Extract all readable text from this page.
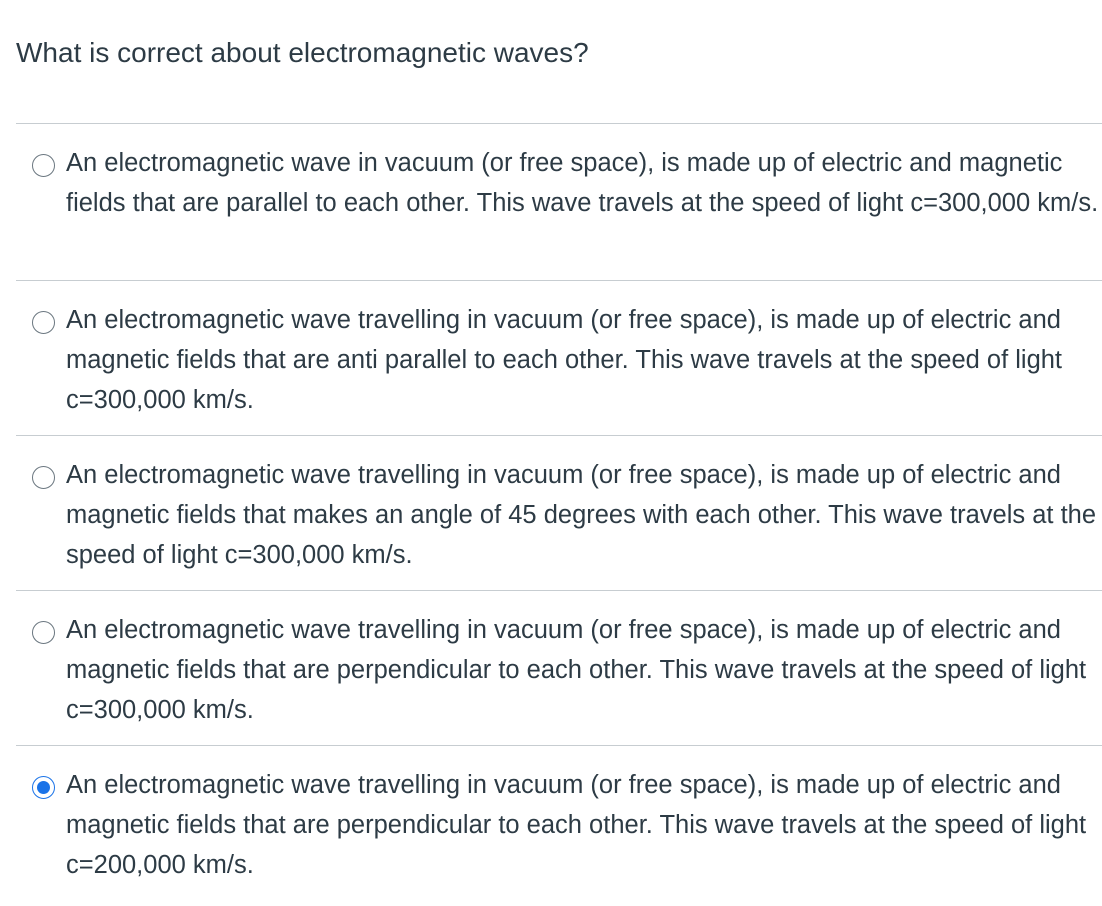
What is correct about electromagnetic waves?
An electromagnetic wave in vacuum (or free space), is made up of electric and magnetic fields that are parallel to each other. This wave travels at the speed of light c=300,000 km/s.
An electromagnetic wave travelling in vacuum (or free space), is made up of electric and magnetic fields that are anti parallel to each other. This wave travels at the speed of light c=300,000 km/s.
An electromagnetic wave travelling in vacuum (or free space), is made up of electric and magnetic fields that makes an angle of 45 degrees with each other. This wave travels at the speed of light c=300,000 km/s.
An electromagnetic wave travelling in vacuum (or free space), is made up of electric and magnetic fields that are perpendicular to each other. This wave travels at the speed of light c=300,000 km/s.
An electromagnetic wave travelling in vacuum (or free space), is made up of electric and magnetic fields that are perpendicular to each other. This wave travels at the speed of light c=200,000 km/s.
